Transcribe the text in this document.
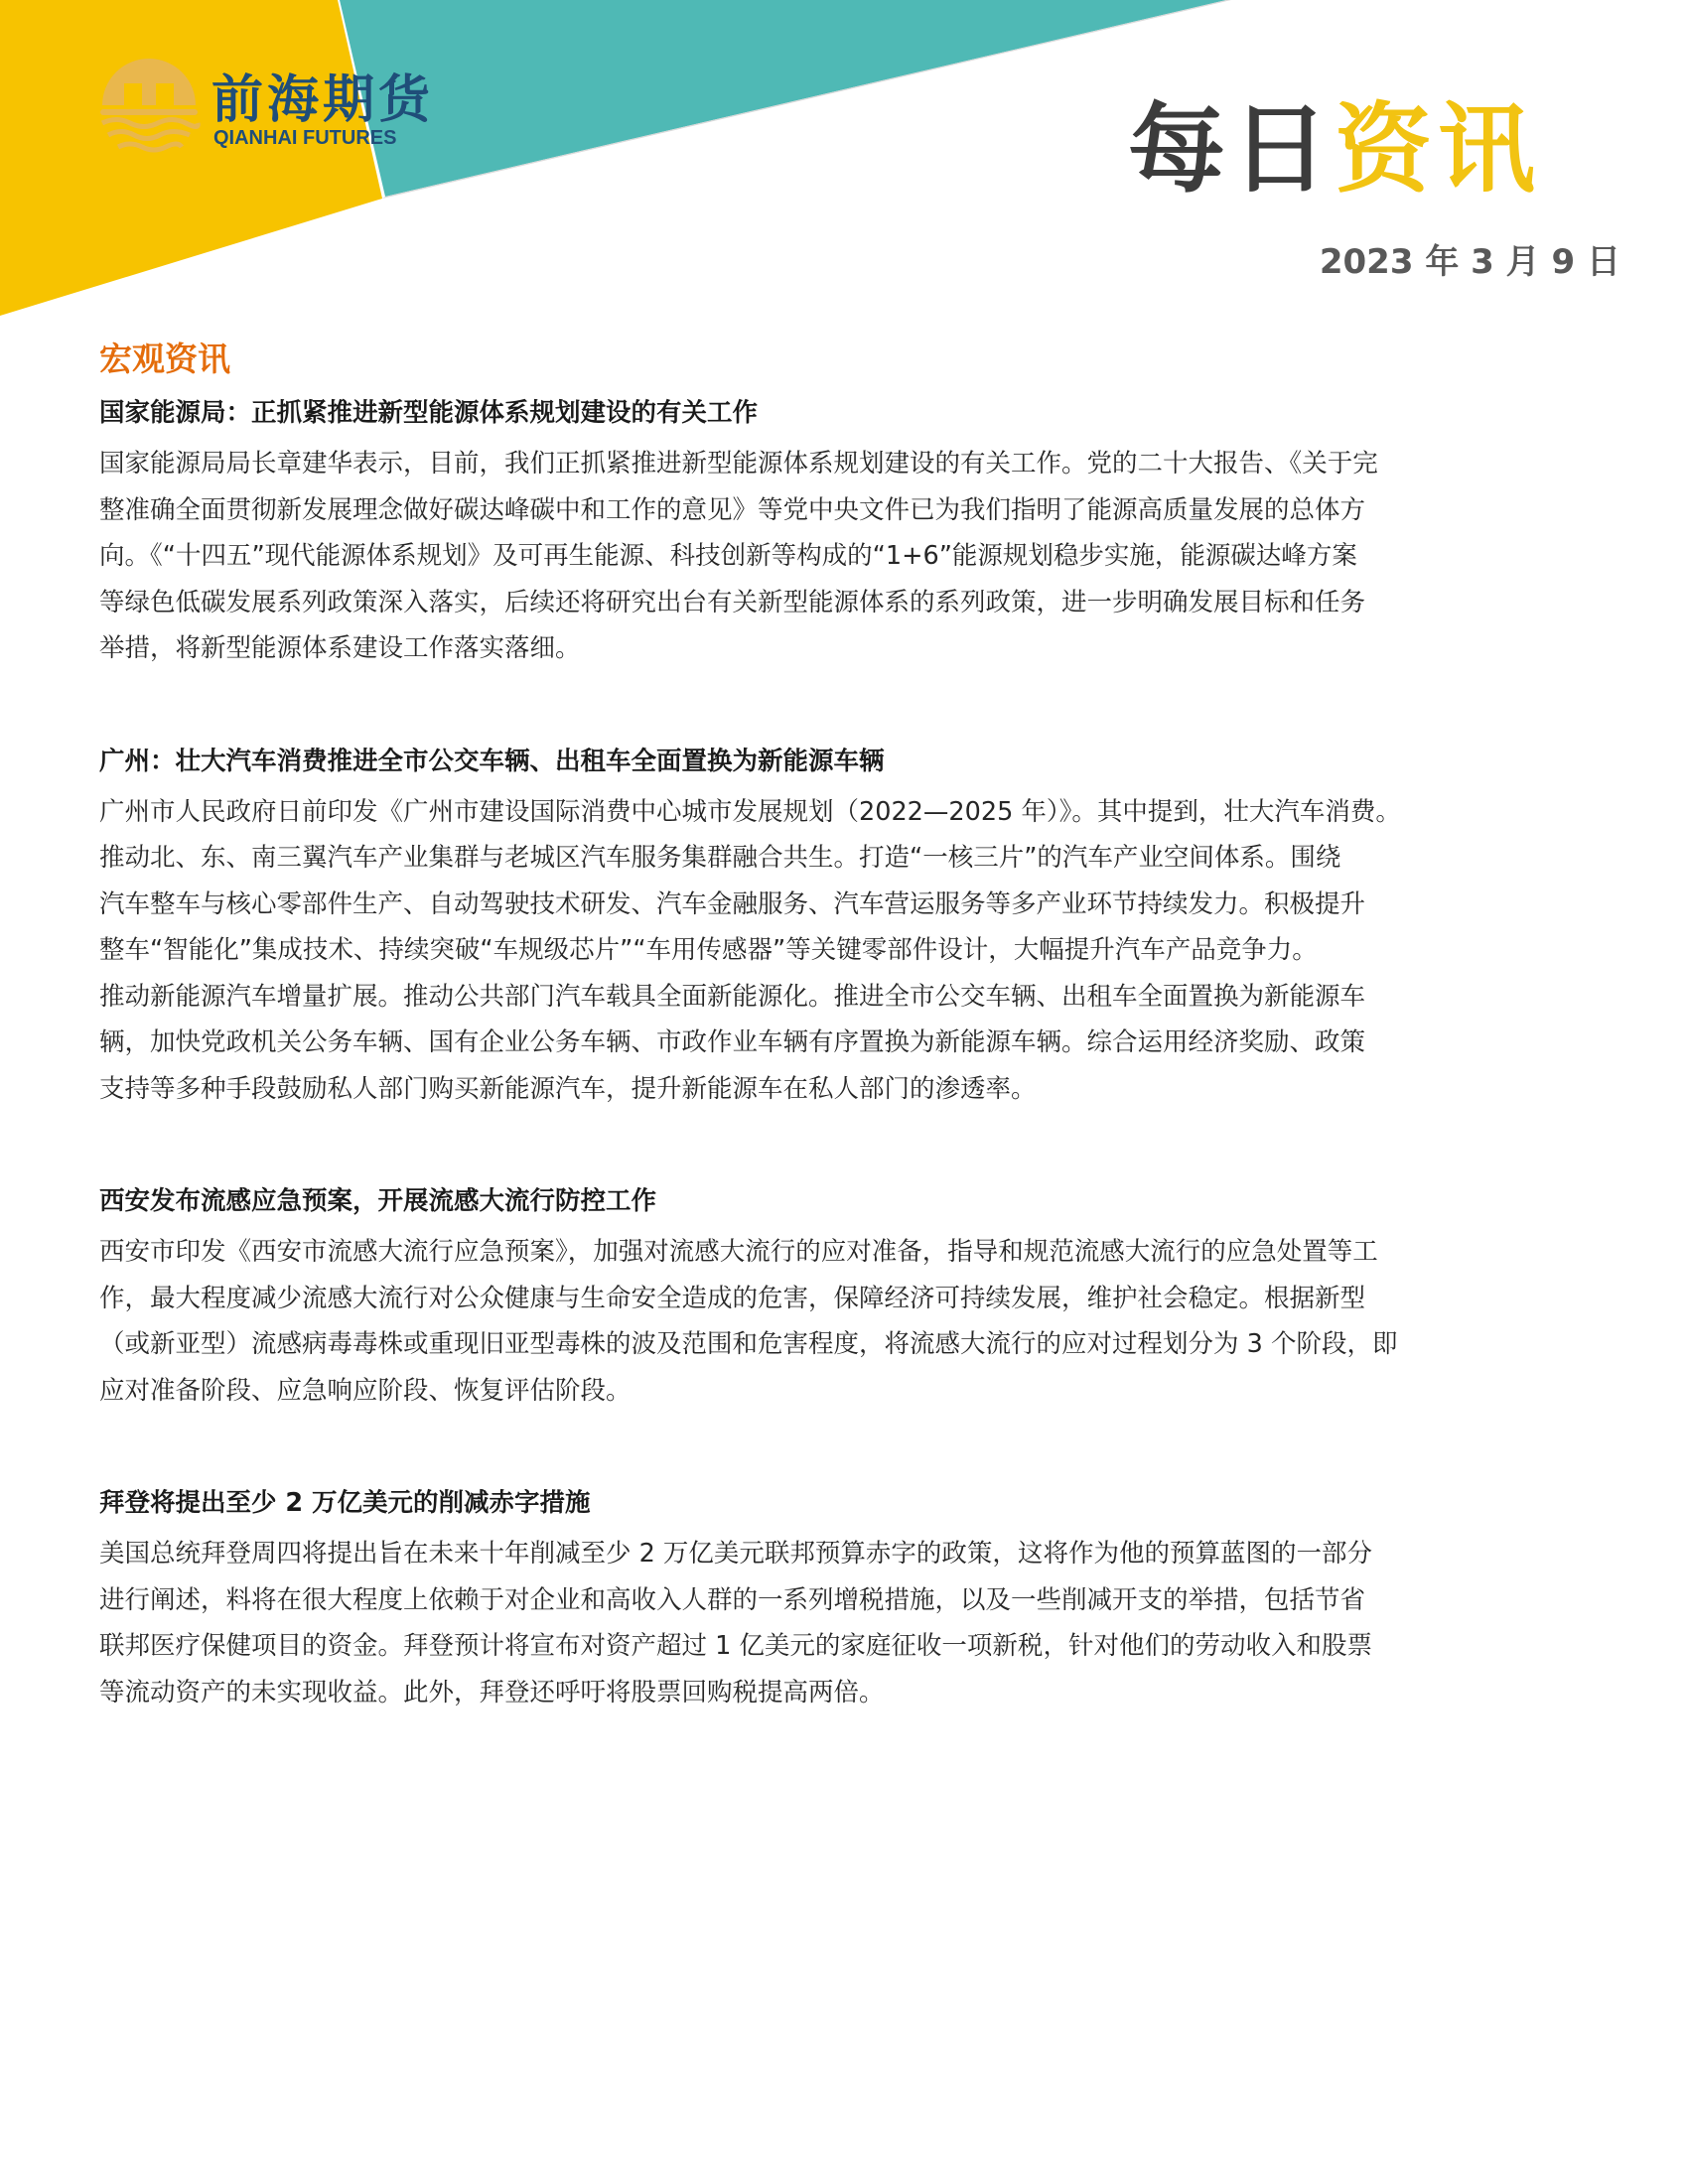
前海期货
QIANHAI FUTURES	每日资讯
2023 年 3 月 9 日
宏观资讯
国家能源局：正抓紧推进新型能源体系规划建设的有关工作
国家能源局局长章建华表示，目前，我们正抓紧推进新型能源体系规划建设的有关工作。党的二十大报告、《关于完
整准确全面贯彻新发展理念做好碳达峰碳中和工作的意见》等党中央文件已为我们指明了能源高质量发展的总体方
向。《“十四五”现代能源体系规划》及可再生能源、科技创新等构成的“1+6”能源规划稳步实施，能源碳达峰方案
等绿色低碳发展系列政策深入落实，后续还将研究出台有关新型能源体系的系列政策，进一步明确发展目标和任务
举措，将新型能源体系建设工作落实落细。
广州：壮大汽车消费推进全市公交车辆、出租车全面置换为新能源车辆
广州市人民政府日前印发《广州市建设国际消费中心城市发展规划（2022—2025 年）》。其中提到，壮大汽车消费。
推动北、东、南三翼汽车产业集群与老城区汽车服务集群融合共生。打造“一核三片”的汽车产业空间体系。围绕
汽车整车与核心零部件生产、自动驾驶技术研发、汽车金融服务、汽车营运服务等多产业环节持续发力。积极提升
整车“智能化”集成技术、持续突破“车规级芯片”“车用传感器”等关键零部件设计，大幅提升汽车产品竞争力。
推动新能源汽车增量扩展。推动公共部门汽车载具全面新能源化。推进全市公交车辆、出租车全面置换为新能源车
辆，加快党政机关公务车辆、国有企业公务车辆、市政作业车辆有序置换为新能源车辆。综合运用经济奖励、政策
支持等多种手段鼓励私人部门购买新能源汽车，提升新能源车在私人部门的渗透率。
西安发布流感应急预案，开展流感大流行防控工作
西安市印发《西安市流感大流行应急预案》，加强对流感大流行的应对准备，指导和规范流感大流行的应急处置等工
作，最大程度减少流感大流行对公众健康与生命安全造成的危害，保障经济可持续发展，维护社会稳定。根据新型
（或新亚型）流感病毒毒株或重现旧亚型毒株的波及范围和危害程度，将流感大流行的应对过程划分为 3 个阶段，即
应对准备阶段、应急响应阶段、恢复评估阶段。
拜登将提出至少 2 万亿美元的削减赤字措施
美国总统拜登周四将提出旨在未来十年削减至少 2 万亿美元联邦预算赤字的政策，这将作为他的预算蓝图的一部分
进行阐述，料将在很大程度上依赖于对企业和高收入人群的一系列增税措施，以及一些削减开支的举措，包括节省
联邦医疗保健项目的资金。拜登预计将宣布对资产超过 1 亿美元的家庭征收一项新税，针对他们的劳动收入和股票
等流动资产的未实现收益。此外，拜登还呼吁将股票回购税提高两倍。
